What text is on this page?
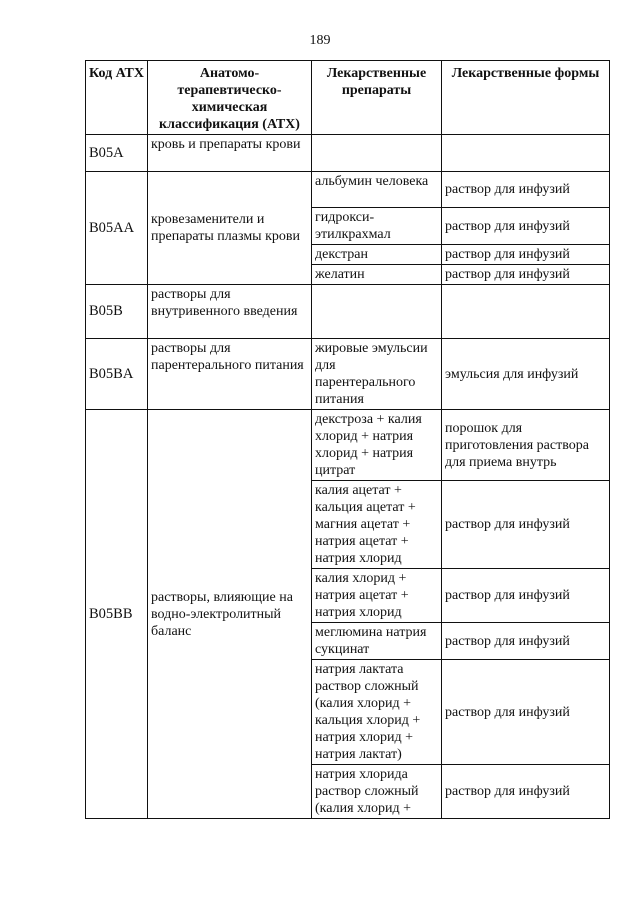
189
Код АТХ	Анатомо-терапевтическо-химическая классификация (АТХ)	Лекарственные препараты	Лекарственные формы
B05A	кровь и препараты крови		
B05AA	кровезаменители и препараты плазмы крови	альбумин человека	раствор для инфузий
		гидрокси-этилкрахмал	раствор для инфузий
		декстран	раствор для инфузий
		желатин	раствор для инфузий
B05B	растворы для внутривенного введения		
B05BA	растворы для парентерального питания	жировые эмульсии для парентерального питания	эмульсия для инфузий
B05BB	растворы, влияющие на водно-электролитный баланс	декстроза + калия хлорид + натрия хлорид + натрия цитрат	порошок для приготовления раствора для приема внутрь
		калия ацетат + кальция ацетат + магния ацетат + натрия ацетат + натрия хлорид	раствор для инфузий
		калия хлорид + натрия ацетат + натрия хлорид	раствор для инфузий
		меглюмина натрия сукцинат	раствор для инфузий
		натрия лактата раствор сложный (калия хлорид + кальция хлорид + натрия хлорид + натрия лактат)	раствор для инфузий
		натрия хлорида раствор сложный (калия хлорид +	раствор для инфузий
